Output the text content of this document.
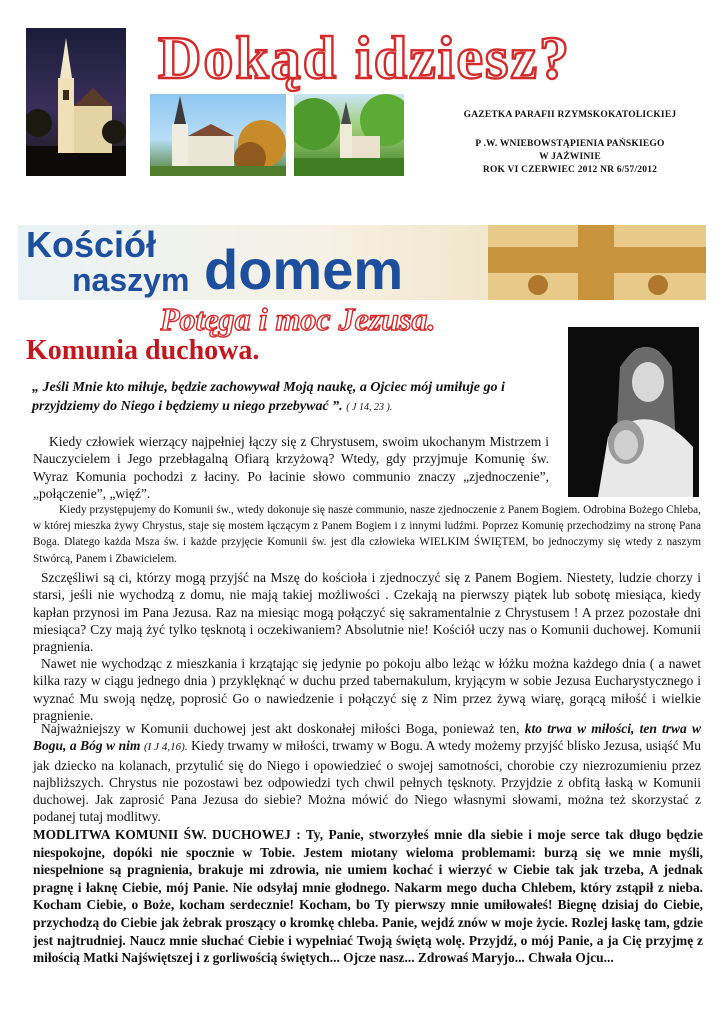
Dokąd idziesz?
GAZETKA PARAFII RZYMSKOKATOLICKIEJ
P .W. WNIEBOWSTĄPIENIA PAŃSKIEGO
W JAŹWINIE
ROK VI CZERWIEC 2012 NR 6/57/2012
Kościół
naszym domem
Potęga i moc Jezusa.
Komunia duchowa.
„ Jeśli Mnie kto miłuje, będzie zachowywał Moją naukę, a Ojciec mój umiłuje go i przyjdziemy do Niego i będziemy u niego przebywać ”. ( J 14, 23 ).
Kiedy człowiek wierzący najpełniej łączy się z Chrystusem, swoim ukochanym Mistrzem i Nauczycielem i Jego przebłagalną Ofiarą krzyżową? Wtedy, gdy przyjmuje Komunię św. Wyraz Komunia pochodzi z łaciny. Po łacinie słowo communio znaczy „zjednoczenie”, „połączenie”, „więź”.
Kiedy przystępujemy do Komunii św., wtedy dokonuje się nasze communio, nasze zjednoczenie z Panem Bogiem. Odrobina Bożego Chleba, w której mieszka żywy Chrystus, staje się mostem łączącym z Panem Bogiem i z innymi ludźmi. Poprzez Komunię przechodzimy na stronę Pana Boga. Dlatego każda Msza św. i każde przyjęcie Komunii św. jest dla człowieka WIELKIM ŚWIĘTEM, bo jednoczymy się wtedy z naszym Stwórcą, Panem i Zbawicielem.
Szczęśliwi są ci, którzy mogą przyjść na Mszę do kościoła i zjednoczyć się z Panem Bogiem. Niestety, ludzie chorzy i starsi, jeśli nie wychodzą z domu, nie mają takiej możliwości . Czekają na pierwszy piątek lub sobotę miesiąca, kiedy kapłan przynosi im Pana Jezusa. Raz na miesiąc mogą połączyć się sakramentalnie z Chrystusem ! A przez pozostałe dni miesiąca? Czy mają żyć tylko tęsknotą i oczekiwaniem? Absolutnie nie! Kościół uczy nas o Komunii duchowej. Komunii pragnienia.
Nawet nie wychodząc z mieszkania i krzątając się jedynie po pokoju albo leżąc w łóżku można każdego dnia ( a nawet kilka razy w ciągu jednego dnia ) przyklęknąć w duchu przed tabernakulum, kryjącym w sobie Jezusa Eucharystycznego i wyznać Mu swoją nędzę, poprosić Go o nawiedzenie i połączyć się z Nim przez żywą wiarę, gorącą miłość i wielkie pragnienie.
Najważniejszy w Komunii duchowej jest akt doskonałej miłości Boga, ponieważ ten, kto trwa w miłości, ten trwa w Bogu, a Bóg w nim (I J 4,16). Kiedy trwamy w miłości, trwamy w Bogu. A wtedy możemy przyjść blisko Jezusa, usiąść Mu jak dziecko na kolanach, przytulić się do Niego i opowiedzieć o swojej samotności, chorobie czy niezrozumieniu przez najbliższych. Chrystus nie pozostawi bez odpowiedzi tych chwil pełnych tęsknoty. Przyjdzie z obfitą łaską w Komunii duchowej. Jak zaprosić Pana Jezusa do siebie? Można mówić do Niego własnymi słowami, można też skorzystać z podanej tutaj modlitwy.
MODLITWA KOMUNII ŚW. DUCHOWEJ : Ty, Panie, stworzyłeś mnie dla siebie i moje serce tak długo będzie niespokojne, dopóki nie spocznie w Tobie. Jestem miotany wieloma problemami: burzą się we mnie myśli, niespełnione są pragnienia, brakuje mi zdrowia, nie umiem kochać i wierzyć w Ciebie tak jak trzeba, A jednak pragnę i łaknę Ciebie, mój Panie. Nie odsyłaj mnie głodnego. Nakarm mego ducha Chlebem, który zstąpił z nieba. Kocham Ciebie, o Boże, kocham serdecznie! Kocham, bo Ty pierwszy mnie umiłowałeś! Biegnę dzisiaj do Ciebie, przychodzą do Ciebie jak żebrak proszący o kromkę chleba. Panie, wejdź znów w moje życie. Rozlej łaskę tam, gdzie jest najtrudniej. Naucz mnie słuchać Ciebie i wypełniać Twoją świętą wolę. Przyjdź, o mój Panie, a ja Cię przyjmę z miłością Matki Najświętszej i z gorliwością świętych... Ojcze nasz... Zdrowaś Maryjo... Chwała Ojcu...
